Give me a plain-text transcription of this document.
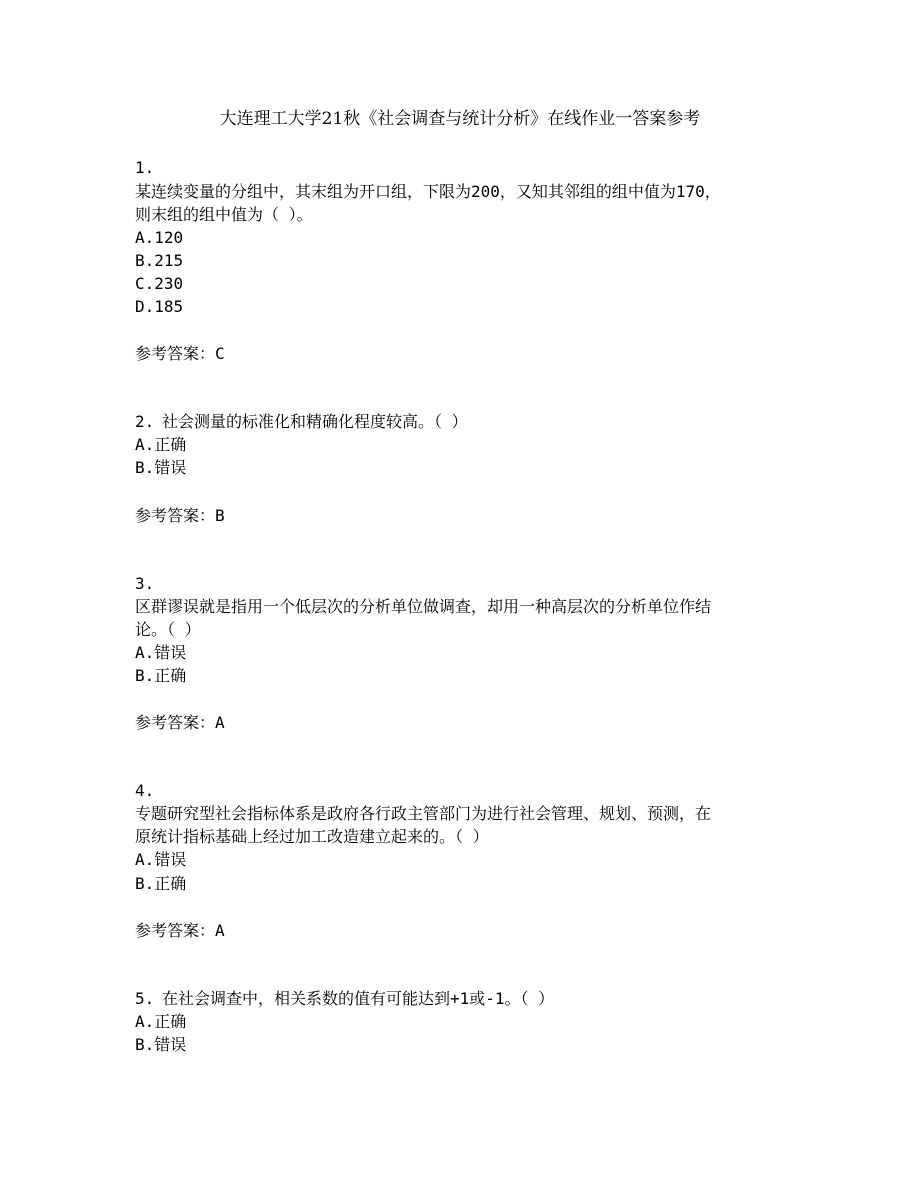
大连理工大学21秋《社会调查与统计分析》在线作业一答案参考
1.
某连续变量的分组中，其末组为开口组，下限为200，又知其邻组的组中值为170，
则末组的组中值为（ ）。
A.120
B.215
C.230
D.185
参考答案：C
2. 社会测量的标准化和精确化程度较高。（ ）
A.正确
B.错误
参考答案：B
3.
区群谬误就是指用一个低层次的分析单位做调查，却用一种高层次的分析单位作结
论。（ ）
A.错误
B.正确
参考答案：A
4.
专题研究型社会指标体系是政府各行政主管部门为进行社会管理、规划、预测，在
原统计指标基础上经过加工改造建立起来的。（ ）
A.错误
B.正确
参考答案：A
5. 在社会调查中，相关系数的值有可能达到+1或-1。（ ）
A.正确
B.错误
